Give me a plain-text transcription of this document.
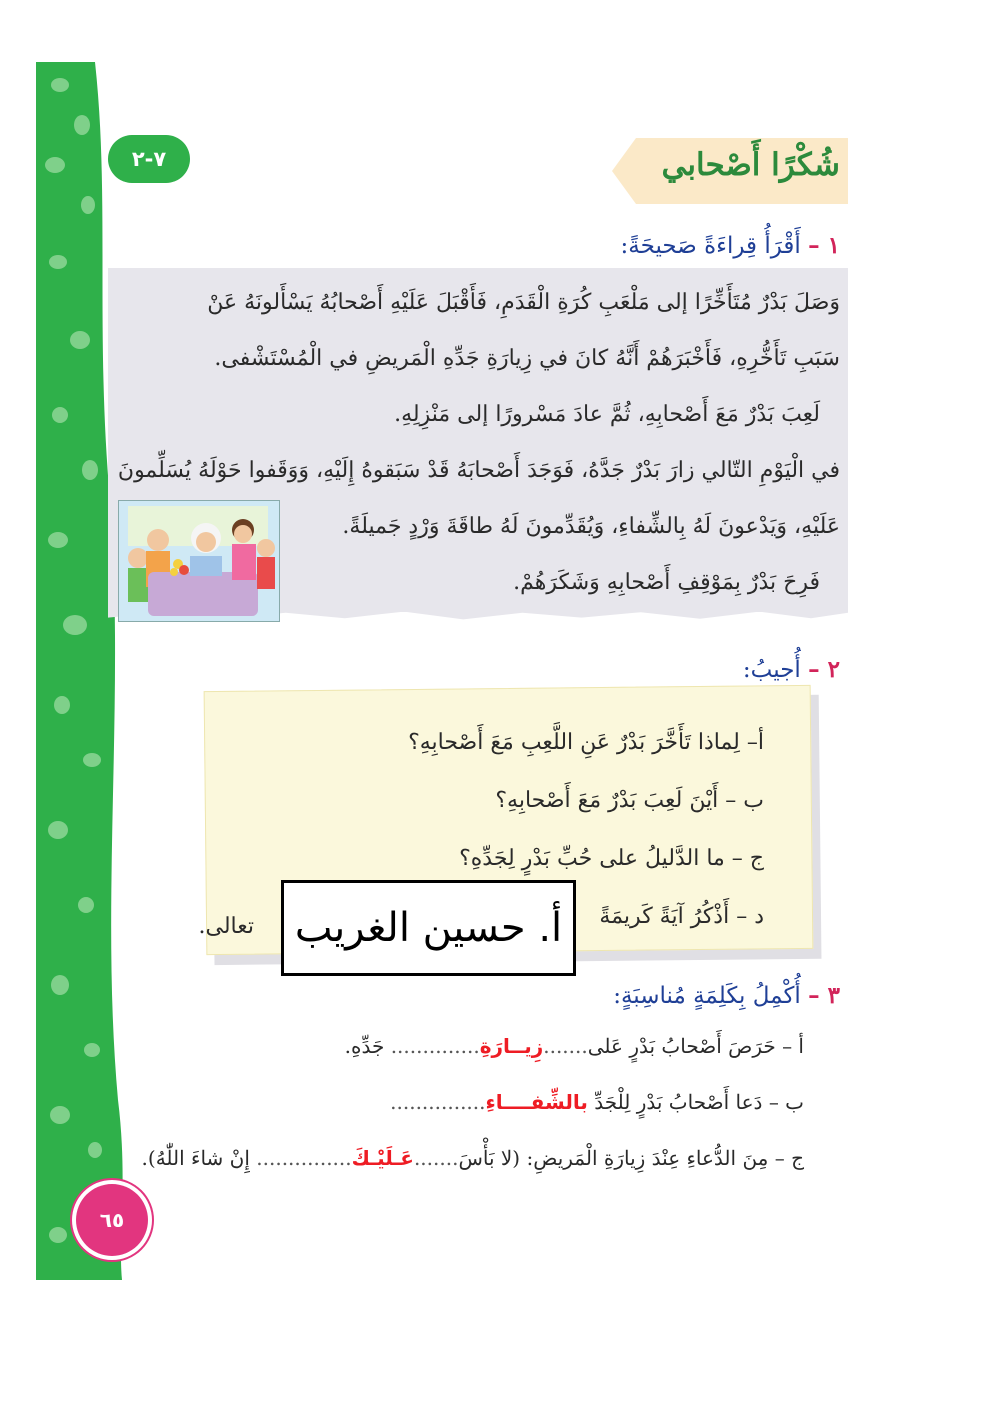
٧-٢	شُكْرًا أَصْحابي
١ – أَقْرَأُ قِراءَةً صَحيحَةً:
وَصَلَ بَدْرٌ مُتَأَخِّرًا إلى مَلْعَبِ كُرَةِ الْقَدَمِ، فَأَقْبَلَ عَلَيْهِ أَصْحابُهُ يَسْأَلونَهُ عَنْ
سَبَبِ تَأَخُّرِهِ، فَأَخْبَرَهُمْ أَنَّهُ كانَ في زِيارَةِ جَدِّهِ الْمَريضِ في الْمُسْتَشْفى.
لَعِبَ بَدْرٌ مَعَ أَصْحابِهِ، ثُمَّ عادَ مَسْرورًا إلى مَنْزِلِهِ.
في الْيَوْمِ التّالي زارَ بَدْرٌ جَدَّهُ، فَوَجَدَ أَصْحابَهُ قَدْ سَبَقوهُ إِلَيْهِ، وَوَقَفوا حَوْلَهُ يُسَلِّمونَ
عَلَيْهِ، وَيَدْعونَ لَهُ بِالشِّفاءِ، وَيُقَدِّمونَ لَهُ طاقَةَ وَرْدٍ جَميلَةً.
فَرِحَ بَدْرٌ بِمَوْقِفِ أَصْحابِهِ وَشَكَرَهُمْ.
٢ – أُجيبُ:
أ– لِماذا تَأَخَّرَ بَدْرٌ عَنِ اللَّعِبِ مَعَ أَصْحابِهِ؟
ب – أَيْنَ لَعِبَ بَدْرٌ مَعَ أَصْحابِهِ؟
ج – ما الدَّليلُ على حُبِّ بَدْرٍ لِجَدِّهِ؟
د – أَذْكُرُ آيَةً كَريمَةً
تعالى.	أ. حسين الغريب
٣ – أُكْمِلُ بِكَلِمَةٍ مُناسِبَةٍ:
أ – حَرَصَ أَصْحابُ بَدْرٍ عَلى.......زِيــارَةِ.............. جَدِّهِ.
ب – دَعا أَصْحابُ بَدْرٍ لِلْجَدِّ بالشِّفــــاءِ...............
ج – مِنَ الدُّعاءِ عِنْدَ زِيارَةِ الْمَريضِ: (لا بَأْسَ.......عَـلَيْـكَ............... إِنْ شاءَ اللّٰهُ).
٦٥
